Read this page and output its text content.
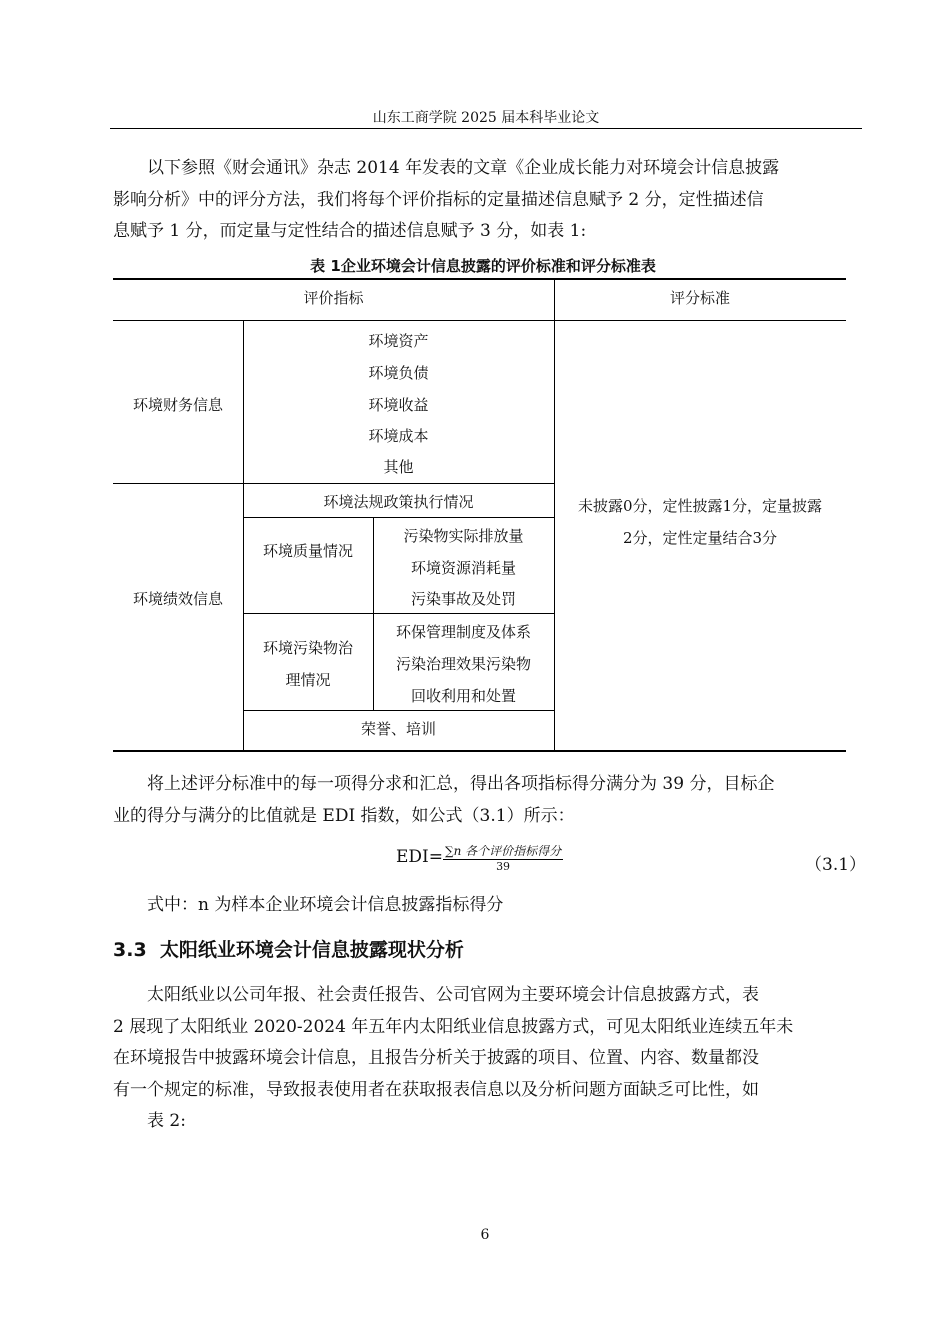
山东工商学院 2025 届本科毕业论文
以下参照《财会通讯》杂志 2014 年发表的文章《企业成长能力对环境会计信息披露
影响分析》中的评分方法，我们将每个评价指标的定量描述信息赋予 2 分，定性描述信
息赋予 1 分，而定量与定性结合的描述信息赋予 3 分，如表 1:
表 1企业环境会计信息披露的评价标准和评分标准表
评价指标	评分标准
环境财务信息
环境资产
环境负债
环境收益
环境成本
其他
环境绩效信息
环境法规政策执行情况
环境质量情况
污染物实际排放量
环境资源消耗量
污染事故及处罚
环境污染物治
理情况
环保管理制度及体系
污染治理效果污染物
回收利用和处置
荣誉、培训
未披露0分，定性披露1分，定量披露
2分，定性定量结合3分
将上述评分标准中的每一项得分求和汇总，得出各项指标得分满分为 39 分，目标企
业的得分与满分的比值就是 EDI 指数，如公式（3.1）所示：
$EDI= \frac{\text{∑n 各个评价指标得分}}{39}$	（3.1）
式中：n 为样本企业环境会计信息披露指标得分
3.3 太阳纸业环境会计信息披露现状分析
太阳纸业以公司年报、社会责任报告、公司官网为主要环境会计信息披露方式，表
2 展现了太阳纸业 2020-2024 年五年内太阳纸业信息披露方式，可见太阳纸业连续五年未
在环境报告中披露环境会计信息，且报告分析关于披露的项目、位置、内容、数量都没
有一个规定的标准，导致报表使用者在获取报表信息以及分析问题方面缺乏可比性，如
表 2:
6
